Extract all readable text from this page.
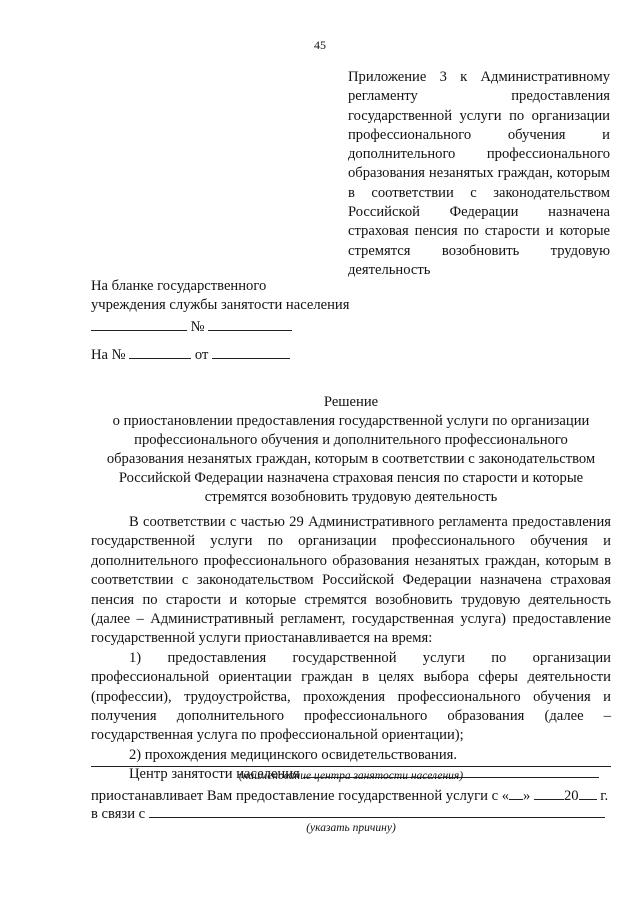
45
Приложение 3 к Административному регламенту предоставления государственной услуги по организации профессионального обучения и дополнительного профессионального образования незанятых граждан, которым в соответствии с законодательством Российской Федерации назначена страховая пенсия по старости и которые стремятся возобновить трудовую деятельность
На бланке государственного
учреждения службы занятости населения
№
На №	от
Решение
о приостановлении предоставления государственной услуги по организации
профессионального обучения и дополнительного профессионального
образования незанятых граждан, которым в соответствии с законодательством
Российской Федерации назначена страховая пенсия по старости и которые
стремятся возобновить трудовую деятельность

В соответствии с частью 29 Административного регламента предоставления государственной услуги по организации профессионального обучения и дополнительного профессионального образования незанятых граждан, которым в соответствии с законодательством Российской Федерации назначена страховая пенсия по старости и которые стремятся возобновить трудовую деятельность (далее – Административный регламент, государственная услуга) предоставление государственной услуги приостанавливается на время:

1) предоставления государственной услуги по организации профессиональной ориентации граждан в целях выбора сферы деятельности (профессии), трудоустройства, прохождения профессионального обучения и получения дополнительного профессионального образования (далее – государственная услуга по профессиональной ориентации);

2) прохождения медицинского освидетельствования.

Центр занятости населения

(наименование центра занятости населения)
приостанавливает Вам предоставление государственной услуги с « » 20 г.
в связи с
(указать причину)
